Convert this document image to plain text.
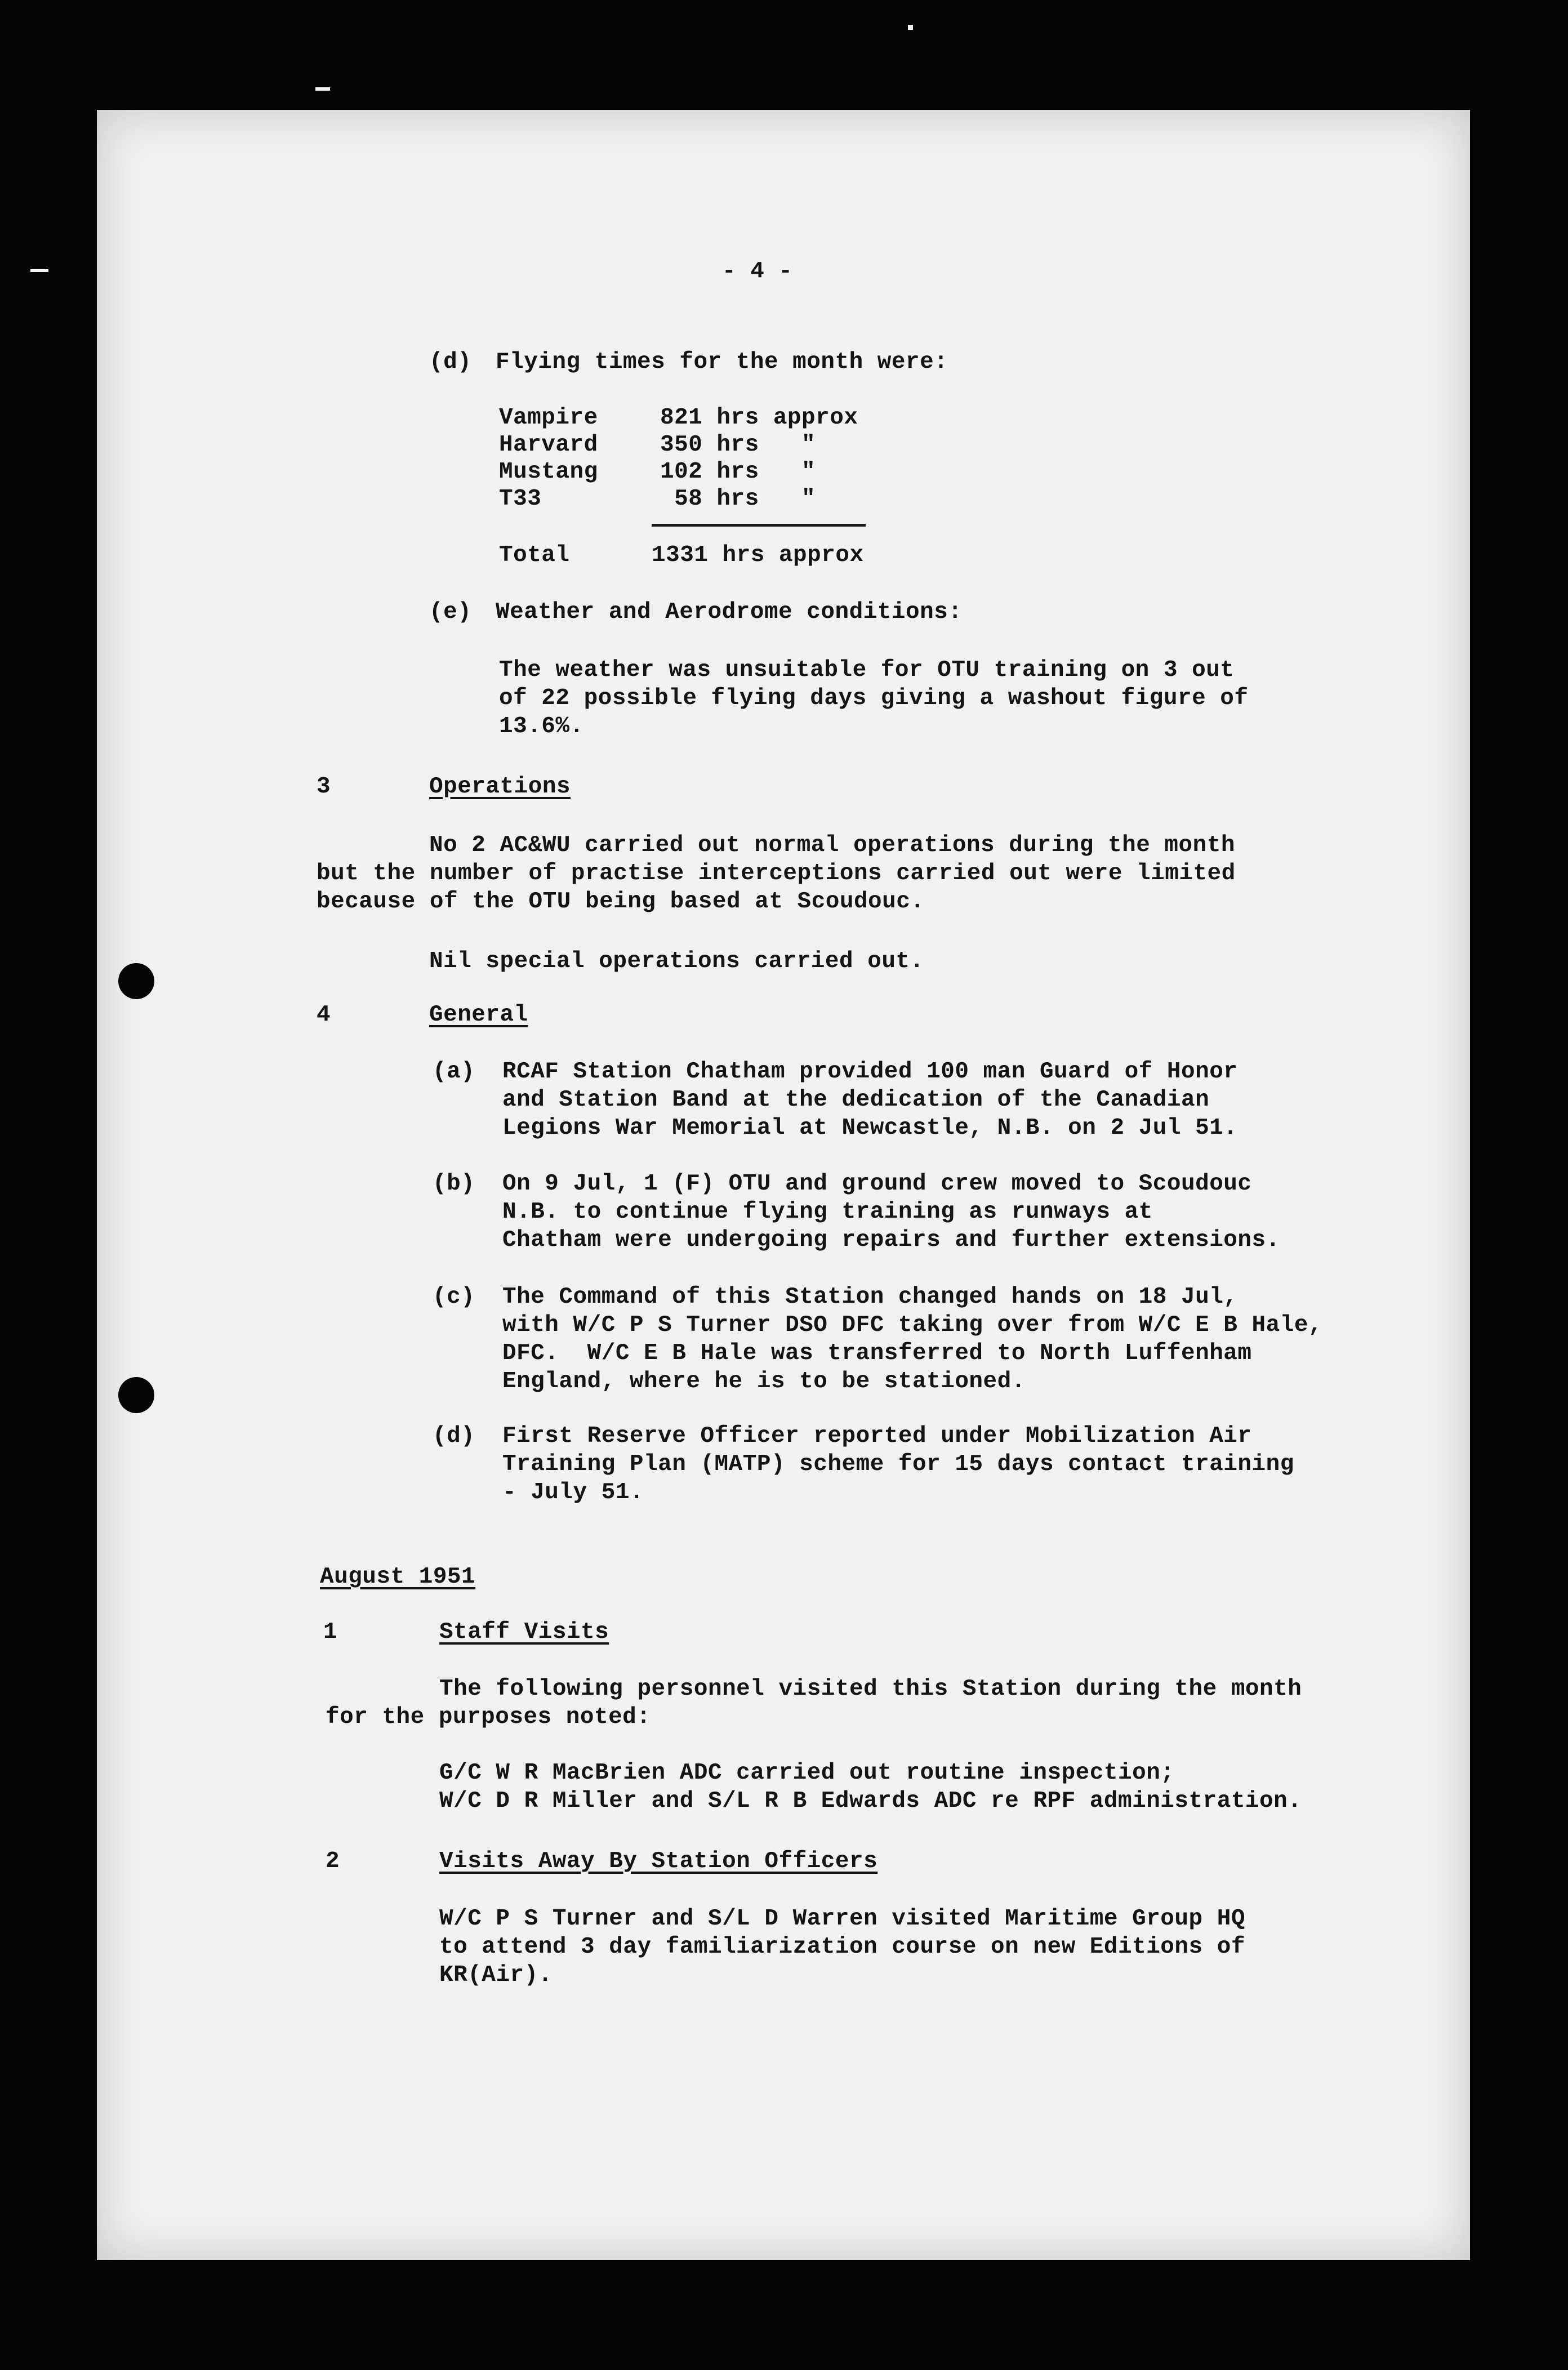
- 4 -
(d) Flying times for the month were:
Vampire	821 hrs approx
Harvard	350 hrs   "
Mustang	102 hrs   "
T33	58 hrs   "
Total	1331 hrs approx
(e) Weather and Aerodrome conditions:
The weather was unsuitable for OTU training on 3 out
of 22 possible flying days giving a washout figure of
13.6%.
3	Operations
No 2 AC&WU carried out normal operations during the month
but the number of practise interceptions carried out were limited
because of the OTU being based at Scoudouc.
Nil special operations carried out.
4	General
(a) RCAF Station Chatham provided 100 man Guard of Honor
and Station Band at the dedication of the Canadian
Legions War Memorial at Newcastle, N.B. on 2 Jul 51.
(b) On 9 Jul, 1 (F) OTU and ground crew moved to Scoudouc
N.B. to continue flying training as runways at
Chatham were undergoing repairs and further extensions.
(c) The Command of this Station changed hands on 18 Jul,
with W/C P S Turner DSO DFC taking over from W/C E B Hale,
DFC.  W/C E B Hale was transferred to North Luffenham
England, where he is to be stationed.
(d) First Reserve Officer reported under Mobilization Air
Training Plan (MATP) scheme for 15 days contact training
- July 51.
August 1951
1	Staff Visits
The following personnel visited this Station during the month
for the purposes noted:
G/C W R MacBrien ADC carried out routine inspection;
W/C D R Miller and S/L R B Edwards ADC re RPF administration.
2	Visits Away By Station Officers
W/C P S Turner and S/L D Warren visited Maritime Group HQ
to attend 3 day familiarization course on new Editions of
KR(Air).
